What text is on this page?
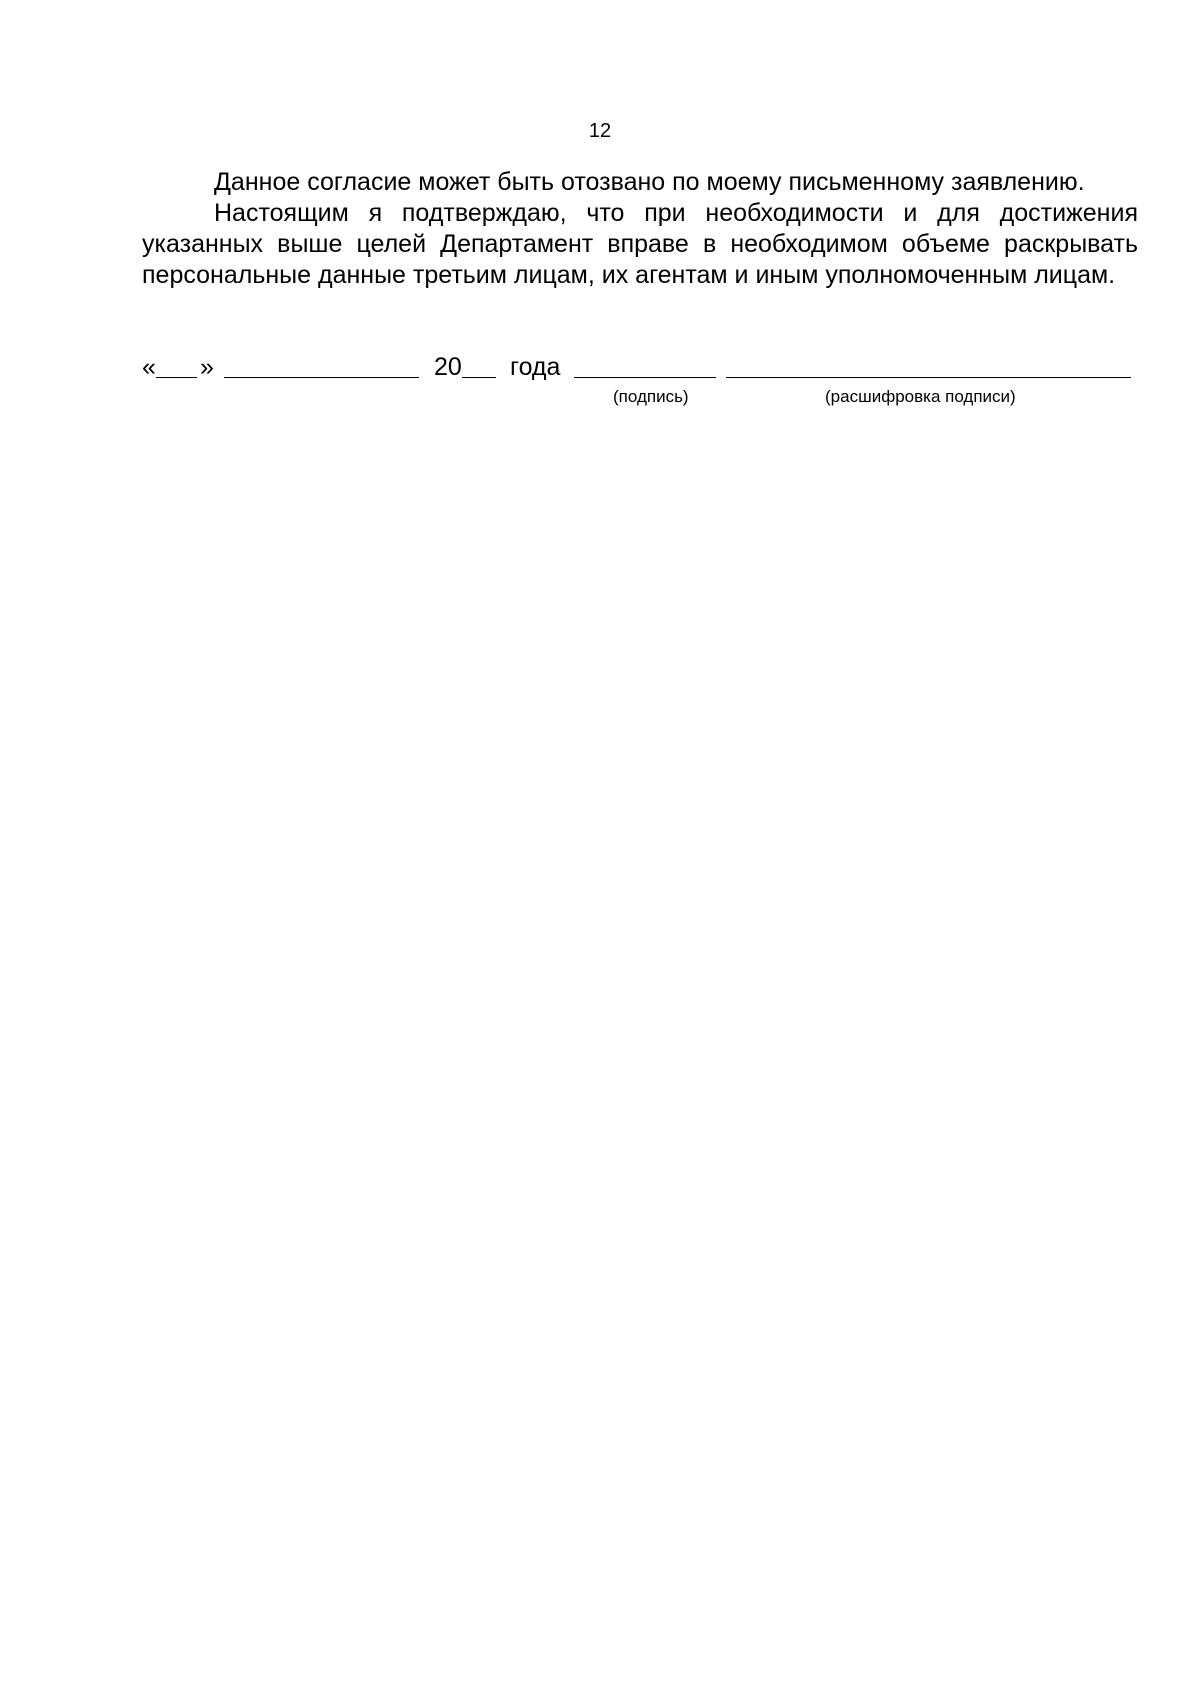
12

Данное согласие может быть отозвано по моему письменному заявлению.

Настоящим я подтверждаю, что при необходимости и для достижения указанных выше целей Департамент вправе в необходимом объеме раскрывать персональные данные третьим лицам, их агентам и иным уполномоченным лицам.

« »	20 года
(подпись)	(расшифровка подписи)
